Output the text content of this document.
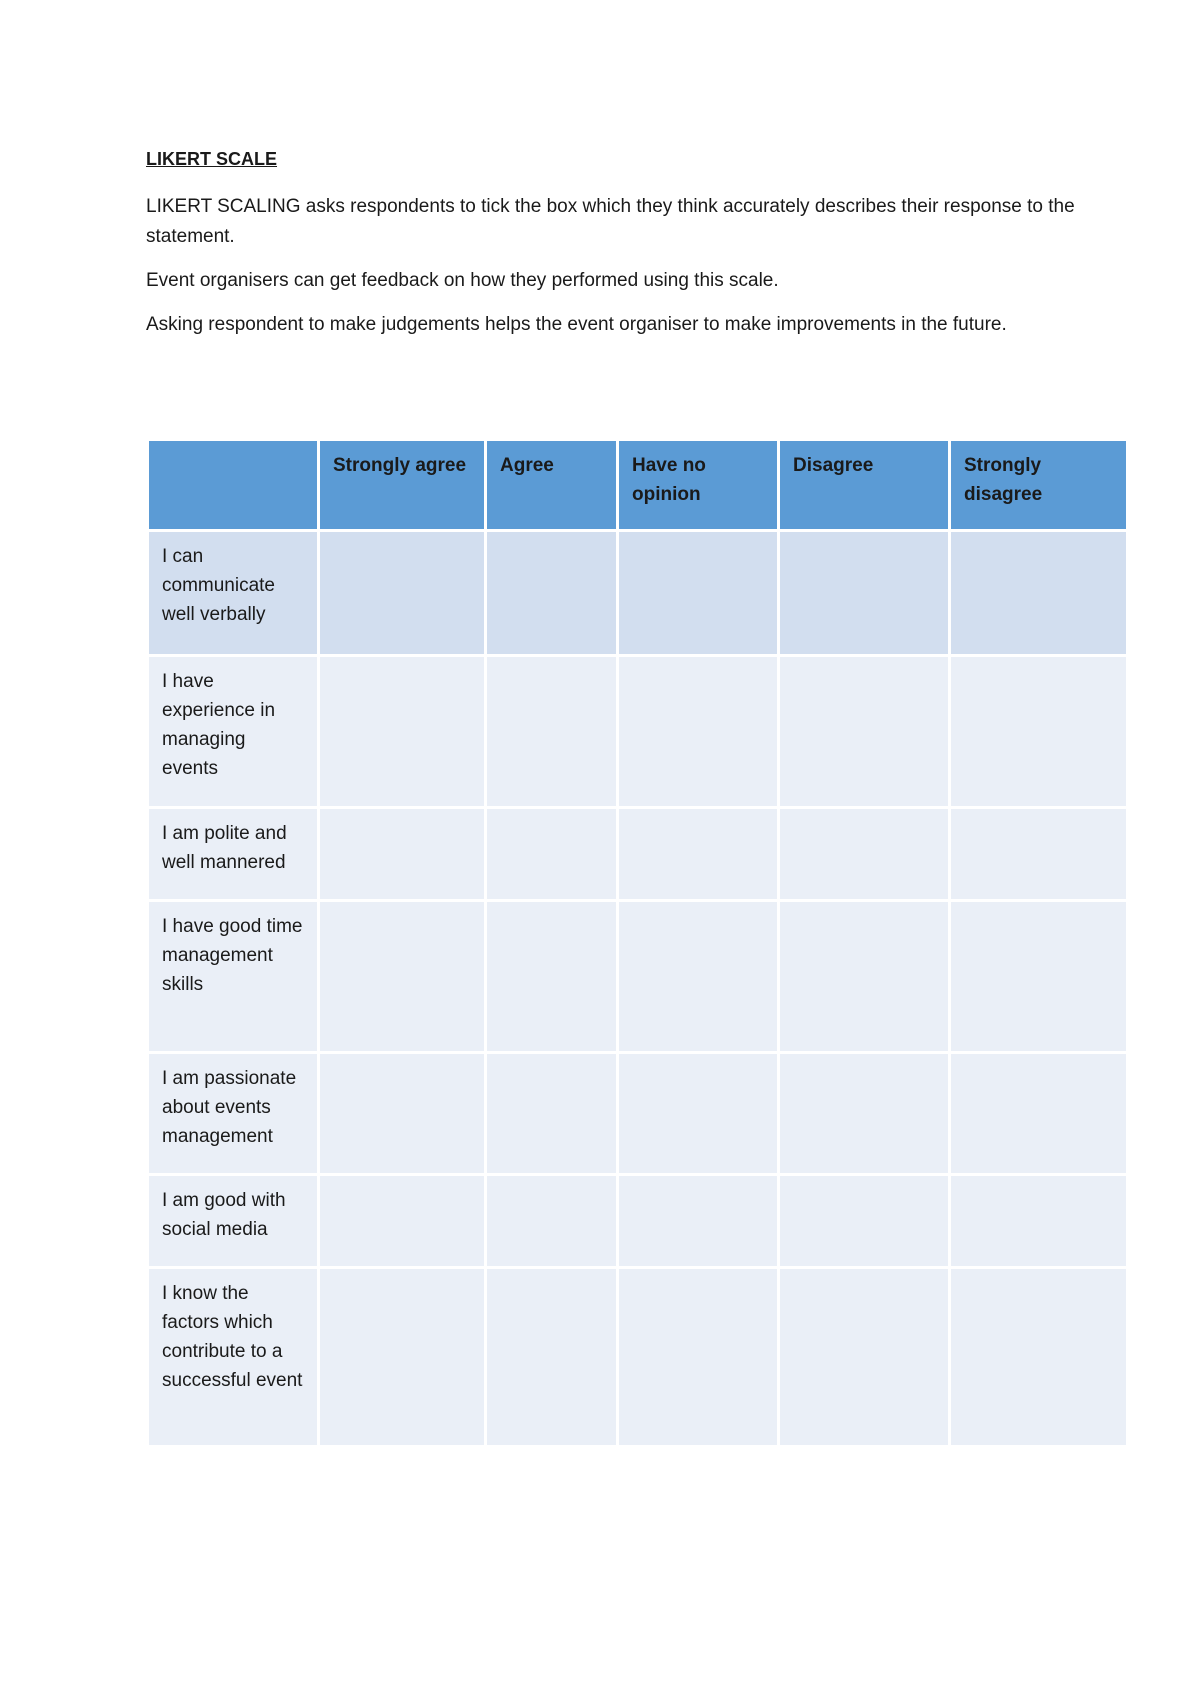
LIKERT SCALE

LIKERT SCALING asks respondents to tick the box which they think accurately describes their response to the statement.

Event organisers can get feedback on how they performed using this scale.

Asking respondent to make judgements helps the event organiser to make improvements in the future.

	Strongly agree	Agree	Have no opinion	Disagree	Strongly disagree
I can communicate well verbally					
I have experience in managing events					
I am polite and well mannered					
I have good time management skills					
I am passionate about events management					
I am good with social media					
I know the factors which contribute to a successful event					
